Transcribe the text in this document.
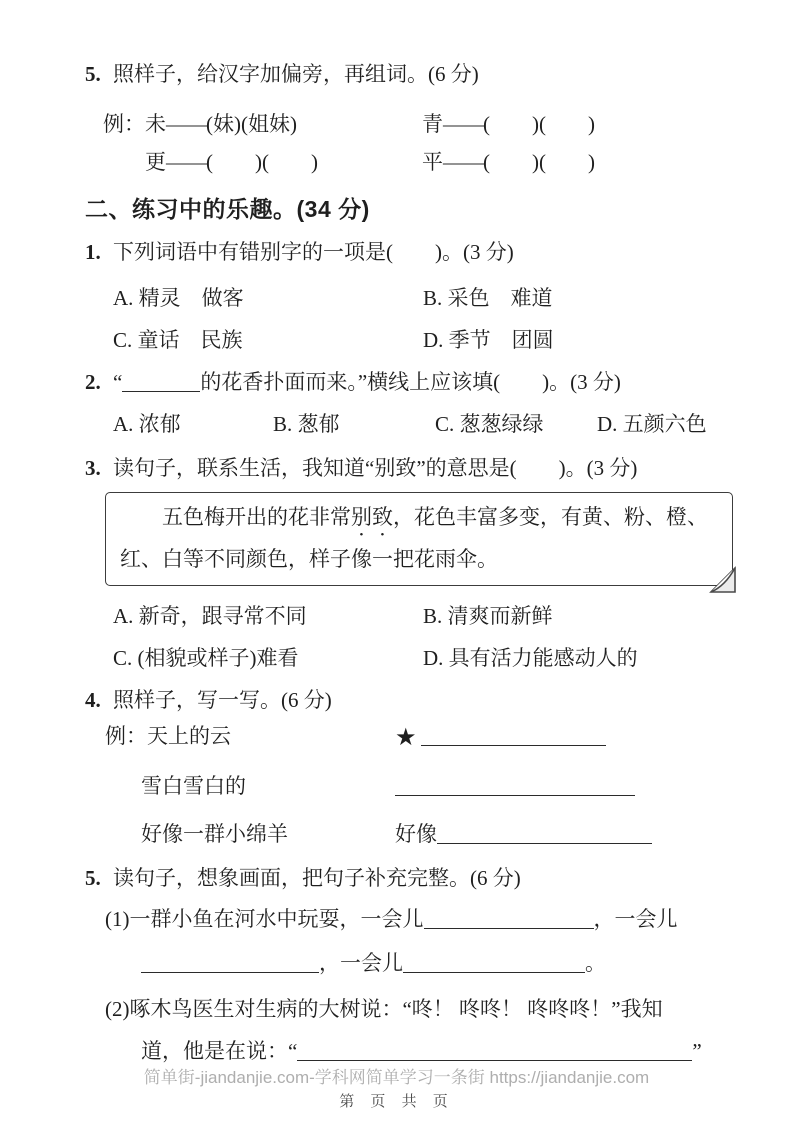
5. 照样子，给汉字加偏旁，再组词。(6 分)
例：未——(妹)(姐妹)	青——(　　)(　　)
更——(　　)(　　)	平——(　　)(　　)
二、练习中的乐趣。(34 分)
1. 下列词语中有错别字的一项是(　　)。(3 分)
A. 精灵　做客	B. 采色　难道
C. 童话　民族	D. 季节　团圆
2. “	的花香扑面而来。”横线上应该填(　　)。(3 分)
A. 浓郁	B. 葱郁	C. 葱葱绿绿	D. 五颜六色
3. 读句子，联系生活，我知道“别致”的意思是(　　)。(3 分)

五色梅开出的花非常别致，花色丰富多变，有黄、粉、橙、红、白等不同颜色，样子像一把花雨伞。

A. 新奇，跟寻常不同	B. 清爽而新鲜
C. (相貌或样子)难看	D. 具有活力能感动人的
4. 照样子，写一写。(6 分)
例：天上的云	★
雪白雪白的
好像一群小绵羊	好像
5. 读句子，想象画面，把句子补充完整。(6 分)
(1)一群小鱼在河水中玩耍，一会儿	，一会儿
，一会儿	。
(2)啄木鸟医生对生病的大树说：“咚！ 咚咚！ 咚咚咚！”我知
道，他是在说：“	”
简单街-jiandanjie.com-学科网简单学习一条街 https://jiandanjie.com
第 页 共 页
